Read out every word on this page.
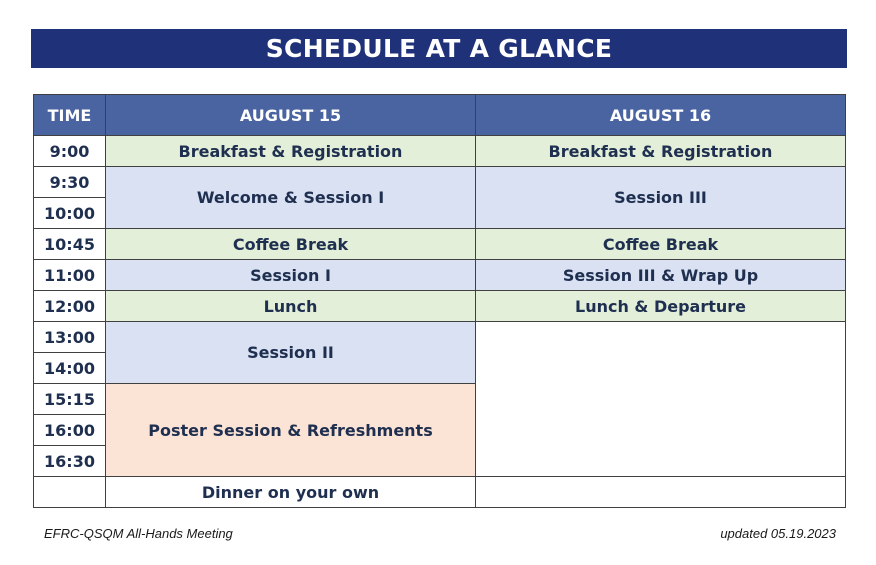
SCHEDULE AT A GLANCE
TIME	AUGUST 15	AUGUST 16
9:00	Breakfast & Registration	Breakfast & Registration
9:30	Welcome & Session I	Session III
10:00		
10:45	Coffee Break	Coffee Break
11:00	Session I	Session III & Wrap Up
12:00	Lunch	Lunch & Departure
13:00	Session II	
14:00		
15:15	Poster Session & Refreshments	
16:00		
16:30		
	Dinner on your own	
EFRC-QSQM All-Hands Meeting	updated 05.19.2023
